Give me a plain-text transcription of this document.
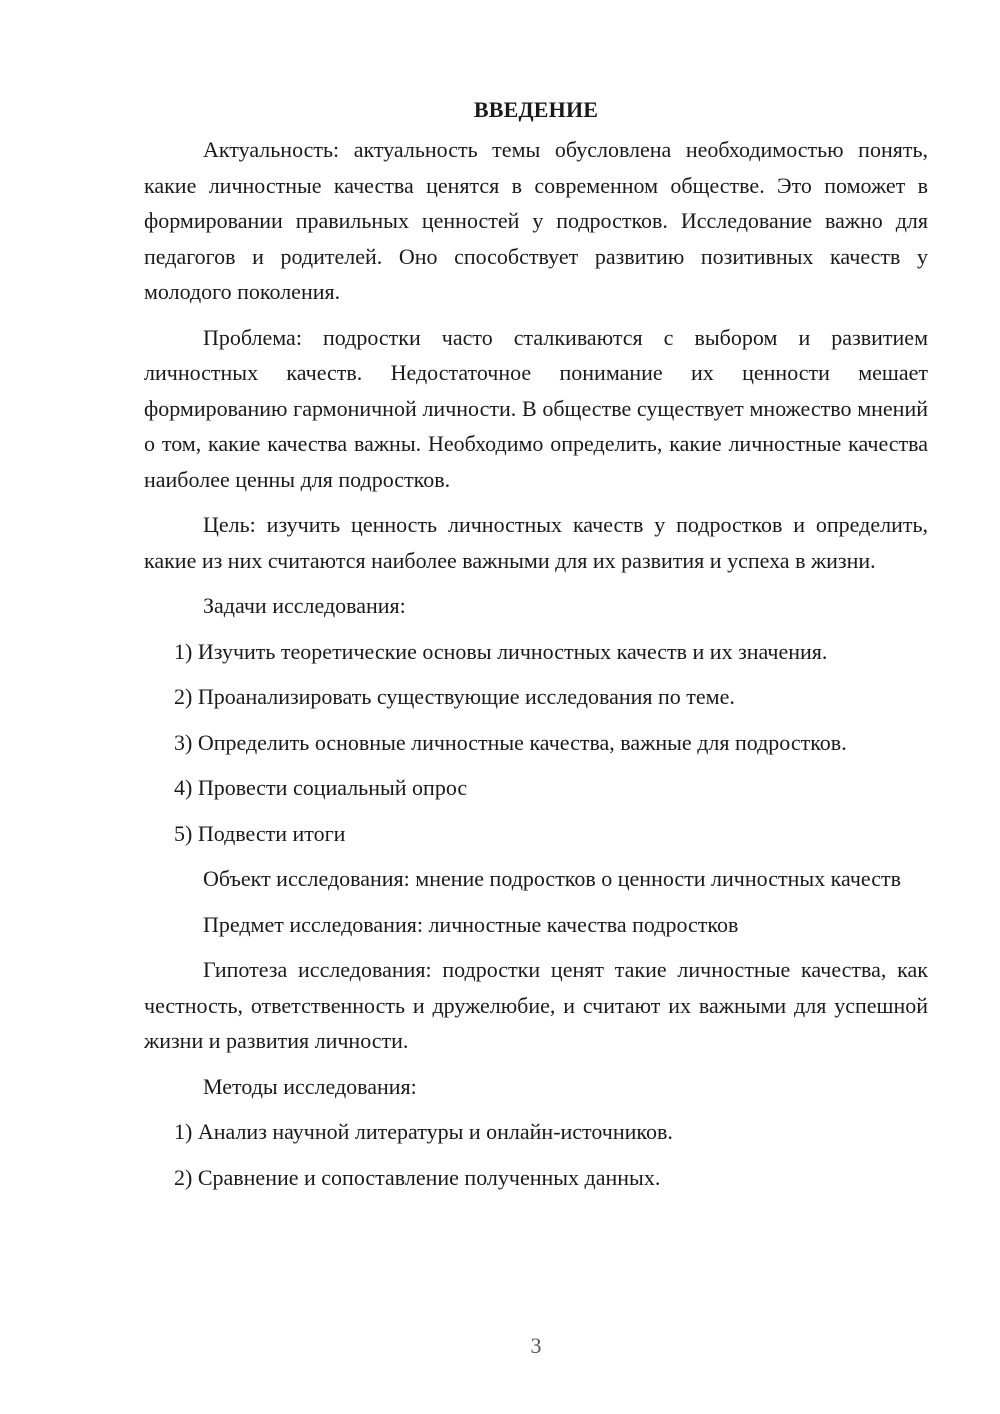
ВВЕДЕНИЕ

Актуальность: актуальность темы обусловлена необходимостью понять, какие личностные качества ценятся в современном обществе. Это поможет в формировании правильных ценностей у подростков. Исследование важно для педагогов и родителей. Оно способствует развитию позитивных качеств у молодого поколения.

Проблема: подростки часто сталкиваются с выбором и развитием личностных качеств. Недостаточное понимание их ценности мешает формированию гармоничной личности. В обществе существует множество мнений о том, какие качества важны. Необходимо определить, какие личностные качества наиболее ценны для подростков.

Цель: изучить ценность личностных качеств у подростков и определить, какие из них считаются наиболее важными для их развития и успеха в жизни.

Задачи исследования:

1) Изучить теоретические основы личностных качеств и их значения.

2) Проанализировать существующие исследования по теме.

3) Определить основные личностные качества, важные для подростков.

4) Провести социальный опрос

5) Подвести итоги

Объект исследования: мнение подростков о ценности личностных качеств

Предмет исследования: личностные качества подростков

Гипотеза исследования: подростки ценят такие личностные качества, как честность, ответственность и дружелюбие, и считают их важными для успешной жизни и развития личности.

Методы исследования:

1) Анализ научной литературы и онлайн-источников.

2) Сравнение и сопоставление полученных данных.

3
